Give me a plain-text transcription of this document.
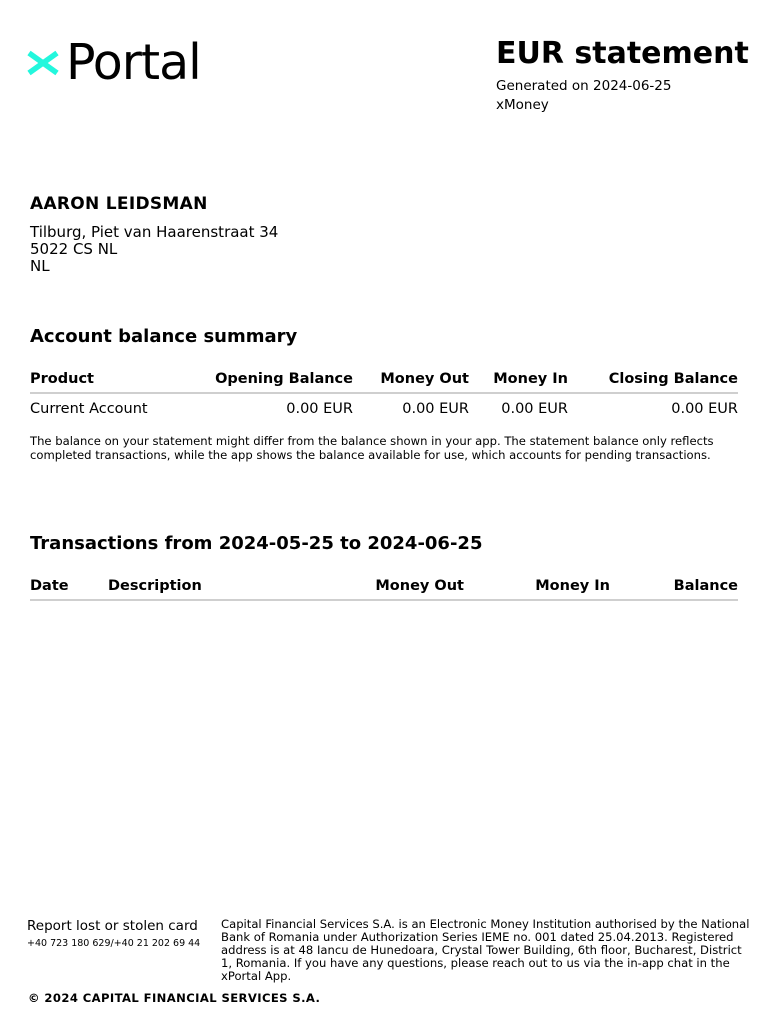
Portal	EUR statement
Generated on 2024-06-25
xMoney
AARON LEIDSMAN
Tilburg, Piet van Haarenstraat 34
5022 CS NL
NL
Account balance summary
Product	Opening Balance	Money Out	Money In	Closing Balance
Current Account	0.00 EUR	0.00 EUR	0.00 EUR	0.00 EUR
The balance on your statement might differ from the balance shown in your app. The statement balance only reflects completed transactions, while the app shows the balance available for use, which accounts for pending transactions.
Transactions from 2024-05-25 to 2024-06-25
Date	Description	Money Out	Money In	Balance
Report lost or stolen card
+40 723 180 629/+40 21 202 69 44
Capital Financial Services S.A. is an Electronic Money Institution authorised by the National Bank of Romania under Authorization Series IEME no. 001 dated 25.04.2013. Registered address is at 48 Iancu de Hunedoara, Crystal Tower Building, 6th floor, Bucharest, District 1, Romania. If you have any questions, please reach out to us via the in-app chat in the xPortal App.
© 2024 CAPITAL FINANCIAL SERVICES S.A.
